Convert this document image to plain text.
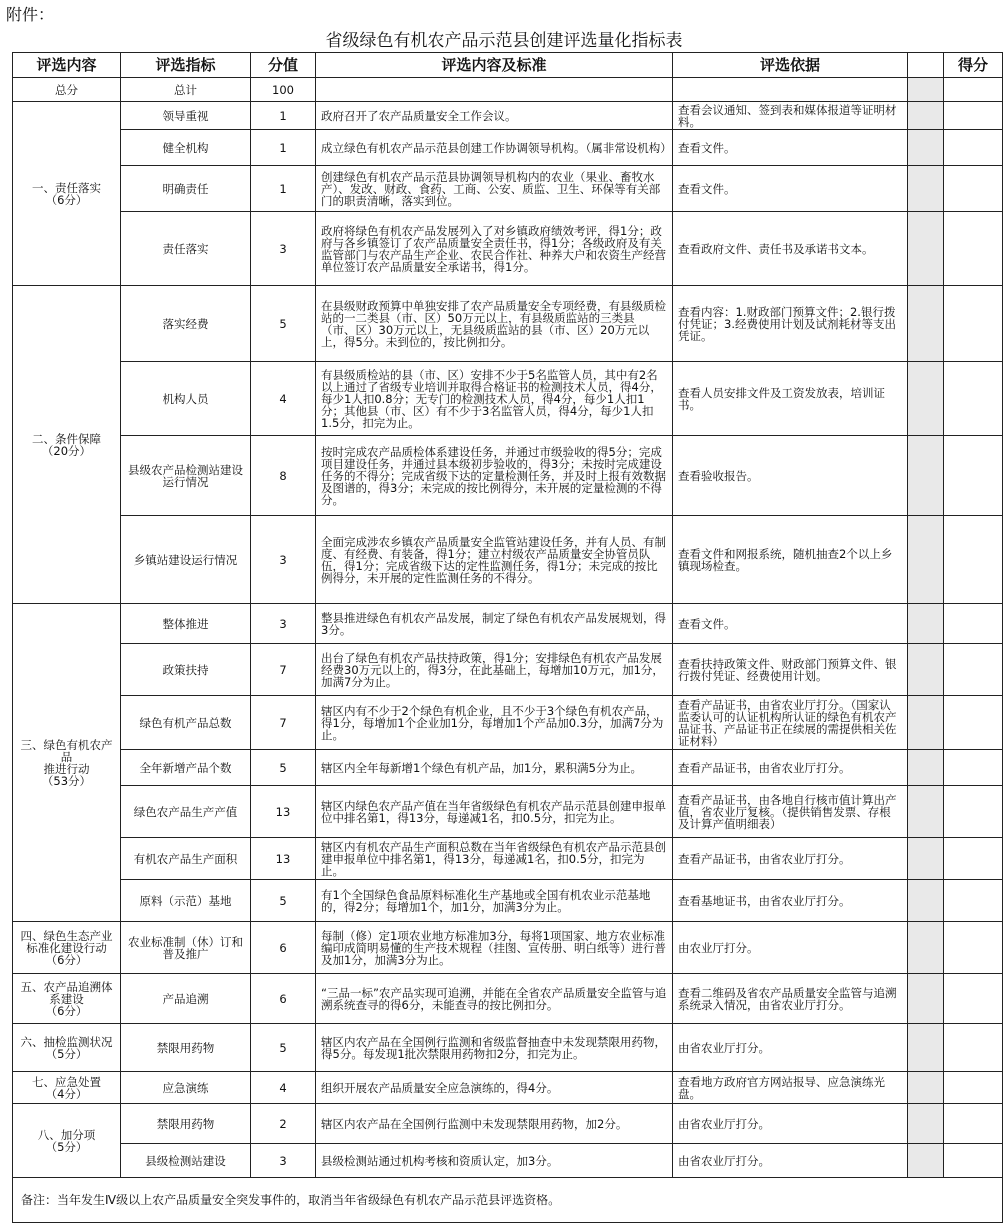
附件：
省级绿色有机农产品示范县创建评选量化指标表
评选内容	评选指标	分值	评选内容及标准	评选依据		得分
总分	总计	100				
一、责任落实
（6分）	领导重视	1	政府召开了农产品质量安全工作会议。	查看会议通知、签到表和媒体报道等证明材料。		
	健全机构	1	成立绿色有机农产品示范县创建工作协调领导机构。（属非常设机构）	查看文件。		
	明确责任	1	创建绿色有机农产品示范县协调领导机构内的农业（果业、畜牧水产）、发改、财政、食药、工商、公安、质监、卫生、环保等有关部门的职责清晰，落实到位。	查看文件。		
	责任落实	3	政府将绿色有机农产品发展列入了对乡镇政府绩效考评，得1分；政府与各乡镇签订了农产品质量安全责任书，得1分；各级政府及有关监管部门与农产品生产企业、农民合作社、种养大户和农资生产经营单位签订农产品质量安全承诺书，得1分。	查看政府文件、责任书及承诺书文本。		
二、条件保障
（20分）	落实经费	5	在县级财政预算中单独安排了农产品质量安全专项经费，有县级质检站的一二类县（市、区）50万元以上，有县级质监站的三类县（市、区）30万元以上，无县级质监站的县（市、区）20万元以上，得5分。未到位的，按比例扣分。	查看内容：1.财政部门预算文件；2.银行拨付凭证；3.经费使用计划及试剂耗材等支出凭证。		
	机构人员	4	有县级质检站的县（市、区）安排不少于5名监管人员，其中有2名以上通过了省级专业培训并取得合格证书的检测技术人员，得4分，每少1人扣0.8分；无专门的检测技术人员，得4分，每少1人扣1分；其他县（市、区）有不少于3名监管人员，得4分，每少1人扣1.5分，扣完为止。	查看人员安排文件及工资发放表，培训证书。		
	县级农产品检测站建设运行情况	8	按时完成农产品质检体系建设任务，并通过市级验收的得5分；完成项目建设任务，并通过县本级初步验收的，得3分；未按时完成建设任务的不得分；完成省级下达的定量检测任务，并及时上报有效数据及图谱的，得3分；未完成的按比例得分，未开展的定量检测的不得分。	查看验收报告。		
	乡镇站建设运行情况	3	全面完成涉农乡镇农产品质量安全监管站建设任务，并有人员、有制度、有经费、有装备，得1分；建立村级农产品质量安全协管员队伍，得1分；完成省级下达的定性监测任务，得1分；未完成的按比例得分，未开展的定性监测任务的不得分。	查看文件和网报系统，随机抽查2个以上乡镇现场检查。		
三、绿色有机农产品
推进行动
（53分）	整体推进	3	整县推进绿色有机农产品发展，制定了绿色有机农产品发展规划，得3分。	查看文件。		
	政策扶持	7	出台了绿色有机农产品扶持政策，得1分；安排绿色有机农产品发展经费30万元以上的，得3分，在此基础上，每增加10万元，加1分，加满7分为止。	查看扶持政策文件、财政部门预算文件、银行拨付凭证、经费使用计划。		
	绿色有机产品总数	7	辖区内有不少于2个绿色有机企业，且不少于3个绿色有机农产品，得1分，每增加1个企业加1分，每增加1个产品加0.3分，加满7分为止。	查看产品证书，由省农业厅打分。（国家认监委认可的认证机构所认证的绿色有机农产品证书、产品证书正在续展的需提供相关佐证材料）		
	全年新增产品个数	5	辖区内全年每新增1个绿色有机产品，加1分，累积满5分为止。	查看产品证书，由省农业厅打分。		
	绿色农产品生产产值	13	辖区内绿色农产品产值在当年省级绿色有机农产品示范县创建申报单位中排名第1，得13分，每递减1名，扣0.5分，扣完为止。	查看产品证书，由各地自行核市值计算出产值，省农业厅复核。（提供销售发票、存根及计算产值明细表）		
	有机农产品生产面积	13	辖区内有机农产品生产面积总数在当年省级绿色有机农产品示范县创建申报单位中排名第1，得13分，每递减1名，扣0.5分，扣完为止。	查看产品证书，由省农业厅打分。		
	原料（示范）基地	5	有1个全国绿色食品原料标准化生产基地或全国有机农业示范基地的，得2分；每增加1个，加1分，加满3分为止。	查看基地证书，由省农业厅打分。		
四、绿色生态产业标准化建设行动
（6分）	农业标准制（休）订和普及推广	6	每制（修）定1项农业地方标准加3分，每将1项国家、地方农业标准编印成简明易懂的生产技术规程（挂图、宣传册、明白纸等）进行普及加1分，加满3分为止。	由农业厅打分。		
五、农产品追溯体系建设
（6分）	产品追溯	6	“三品一标”农产品实现可追溯，并能在全省农产品质量安全监管与追溯系统查寻的得6分，未能查寻的按比例扣分。	查看二维码及省农产品质量安全监管与追溯系统录入情况，由省农业厅打分。		
六、抽检监测状况（5分）	禁限用药物	5	辖区内农产品在全国例行监测和省级监督抽查中未发现禁限用药物，得5分。每发现1批次禁限用药物扣2分，扣完为止。	由省农业厅打分。		
七、应急处置
（4分）	应急演练	4	组织开展农产品质量安全应急演练的，得4分。	查看地方政府官方网站报导、应急演练光盘。		
八、加分项
（5分）	禁限用药物	2	辖区内农产品在全国例行监测中未发现禁限用药物，加2分。	由省农业厅打分。		
	县级检测站建设	3	县级检测站通过机构考核和资质认定，加3分。	由省农业厅打分。		
备注：当年发生Ⅳ级以上农产品质量安全突发事件的，取消当年省级绿色有机农产品示范县评选资格。						
